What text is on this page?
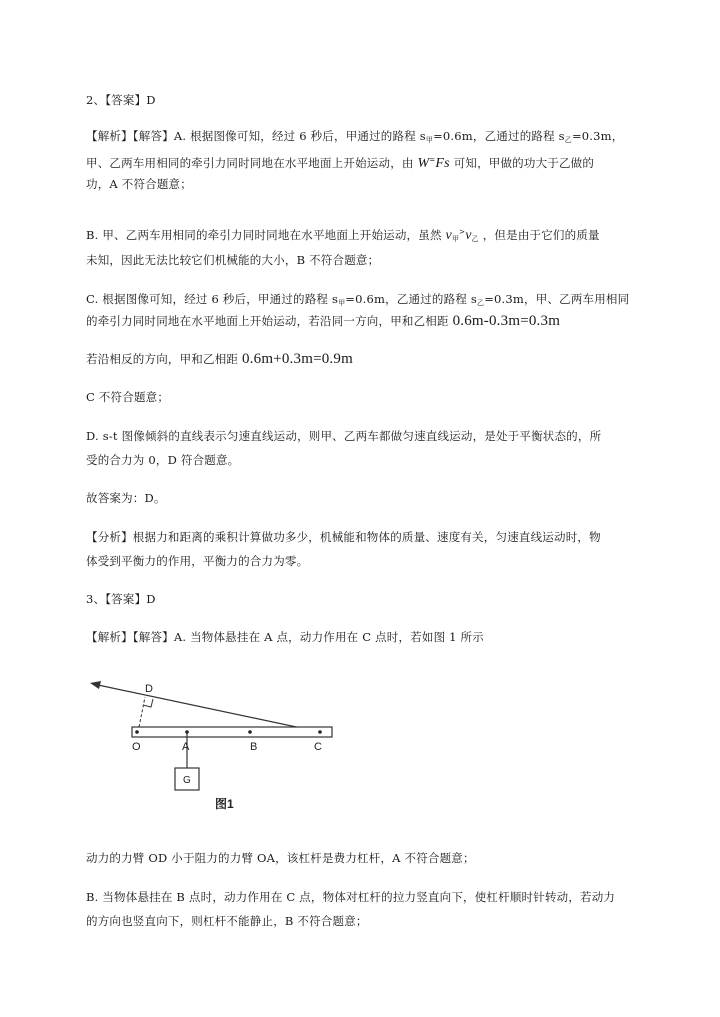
2、【答案】D
【解析】【解答】A. 根据图像可知，经过 6 秒后，甲通过的路程 $s_甲=0.6m$，乙通过的路程 $s_乙=0.3m$，
甲、乙两车用相同的牵引力同时同地在水平地面上开始运动，由 W=Fs 可知，甲做的功大于乙做的
功，A 不符合题意；
B. 甲、乙两车用相同的牵引力同时同地在水平地面上开始运动，虽然 $v_甲^>v_乙$ ，但是由于它们的质量
未知，因此无法比较它们机械能的大小，B 不符合题意；
C. 根据图像可知，经过 6 秒后，甲通过的路程 $s_甲=0.6m$，乙通过的路程 $s_乙=0.3m$，甲、乙两车用相同
的牵引力同时同地在水平地面上开始运动，若沿同一方向，甲和乙相距 0.6m-0.3m=0.3m
若沿相反的方向，甲和乙相距 0.6m+0.3m=0.9m
C 不符合题意；
D. s-t 图像倾斜的直线表示匀速直线运动，则甲、乙两车都做匀速直线运动，是处于平衡状态的，所
受的合力为 0，D 符合题意。
故答案为：D。
【分析】根据力和距离的乘积计算做功多少，机械能和物体的质量、速度有关，匀速直线运动时，物
体受到平衡力的作用，平衡力的合力为零。
3、【答案】D
【解析】【解答】A. 当物体悬挂在 A 点，动力作用在 C 点时，若如图 1 所示
D
O	A	B	C
G
图1
动力的力臂 OD 小于阻力的力臂 OA，该杠杆是费力杠杆，A 不符合题意；
B. 当物体悬挂在 B 点时，动力作用在 C 点，物体对杠杆的拉力竖直向下，使杠杆顺时针转动，若动力
的方向也竖直向下，则杠杆不能静止，B 不符合题意；
